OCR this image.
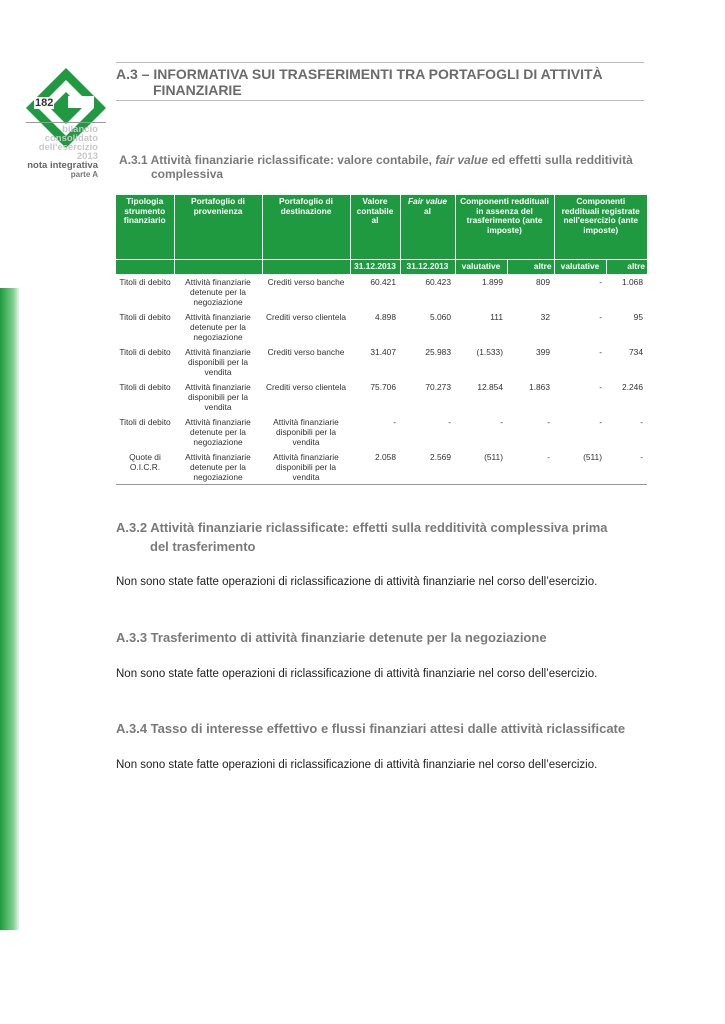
182
bilancio
consolidato
dell'esercizio 2013
nota integrativa
parte A
A.3 – INFORMATIVA SUI TRASFERIMENTI TRA PORTAFOGLI DI ATTIVITÀ
FINANZIARIE
A.3.1 Attività finanziarie riclassificate: valore contabile, fair value ed effetti sulla redditività
complessiva
Tipologia strumento finanziario	Portafoglio di provenienza	Portafoglio di destinazione	Valore contabile al	Fair value
al	Componenti reddituali in assenza del trasferimento (ante imposte)		Componenti reddituali registrate nell'esercizio (ante imposte)	
			31.12.2013	31.12.2013	valutative	altre	valutative	altre
Titoli di debito	Attività finanziarie detenute per la negoziazione	Crediti verso banche	60.421	60.423	1.899	809	-	1.068
Titoli di debito	Attività finanziarie detenute per la negoziazione	Crediti verso clientela	4.898	5.060	111	32	-	95
Titoli di debito	Attività finanziarie disponibili per la vendita	Crediti verso banche	31.407	25.983	(1.533)	399	-	734
Titoli di debito	Attività finanziarie disponibili per la vendita	Crediti verso clientela	75.706	70.273	12.854	1.863	-	2.246
Titoli di debito	Attività finanziarie detenute per la negoziazione	Attività finanziarie disponibili per la vendita	-	-	-	-	-	-
Quote di O.I.C.R.	Attività finanziarie detenute per la negoziazione	Attività finanziarie disponibili per la vendita	2.058	2.569	(511)	-	(511)	-
A.3.2 Attività finanziarie riclassificate: effetti sulla redditività complessiva prima
del trasferimento
Non sono state fatte operazioni di riclassificazione di attività finanziarie nel corso dell’esercizio.
A.3.3 Trasferimento di attività finanziarie detenute per la negoziazione
Non sono state fatte operazioni di riclassificazione di attività finanziarie nel corso dell’esercizio.
A.3.4 Tasso di interesse effettivo e flussi finanziari attesi dalle attività riclassificate
Non sono state fatte operazioni di riclassificazione di attività finanziarie nel corso dell’esercizio.
